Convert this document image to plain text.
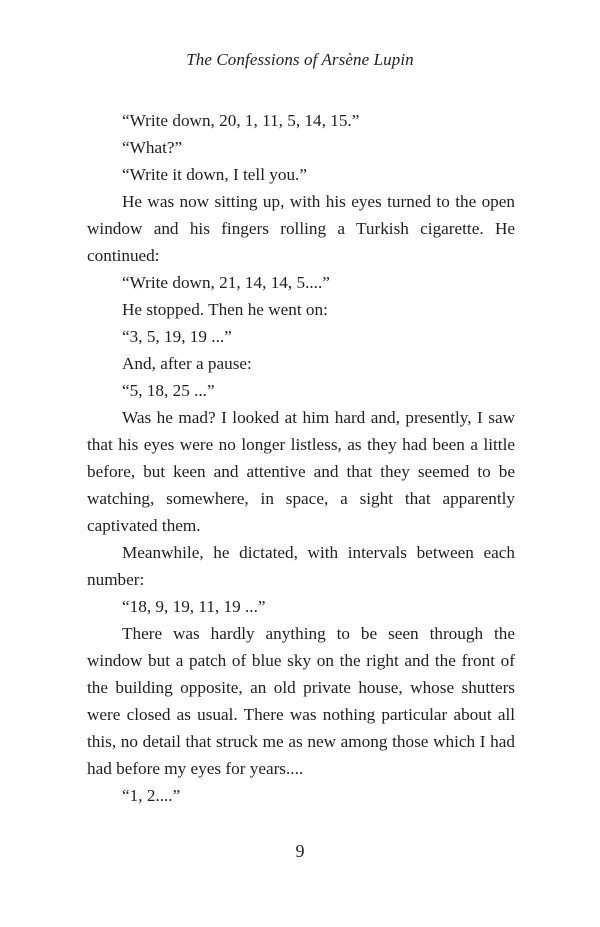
The Confessions of Arsène Lupin

“Write down, 20, 1, 11, 5, 14, 15.”

“What?”

“Write it down, I tell you.”

He was now sitting up, with his eyes turned to the open window and his fingers rolling a Turkish cigarette. He continued:

“Write down, 21, 14, 14, 5....”

He stopped. Then he went on:

“3, 5, 19, 19 ...”

And, after a pause:

“5, 18, 25 ...”

Was he mad? I looked at him hard and, presently, I saw that his eyes were no longer listless, as they had been a little before, but keen and attentive and that they seemed to be watching, somewhere, in space, a sight that apparently captivated them.

Meanwhile, he dictated, with intervals between each number:

“18, 9, 19, 11, 19 ...”

There was hardly anything to be seen through the window but a patch of blue sky on the right and the front of the building opposite, an old private house, whose shutters were closed as usual. There was nothing particular about all this, no detail that struck me as new among those which I had had before my eyes for years....

“1, 2....”

9
